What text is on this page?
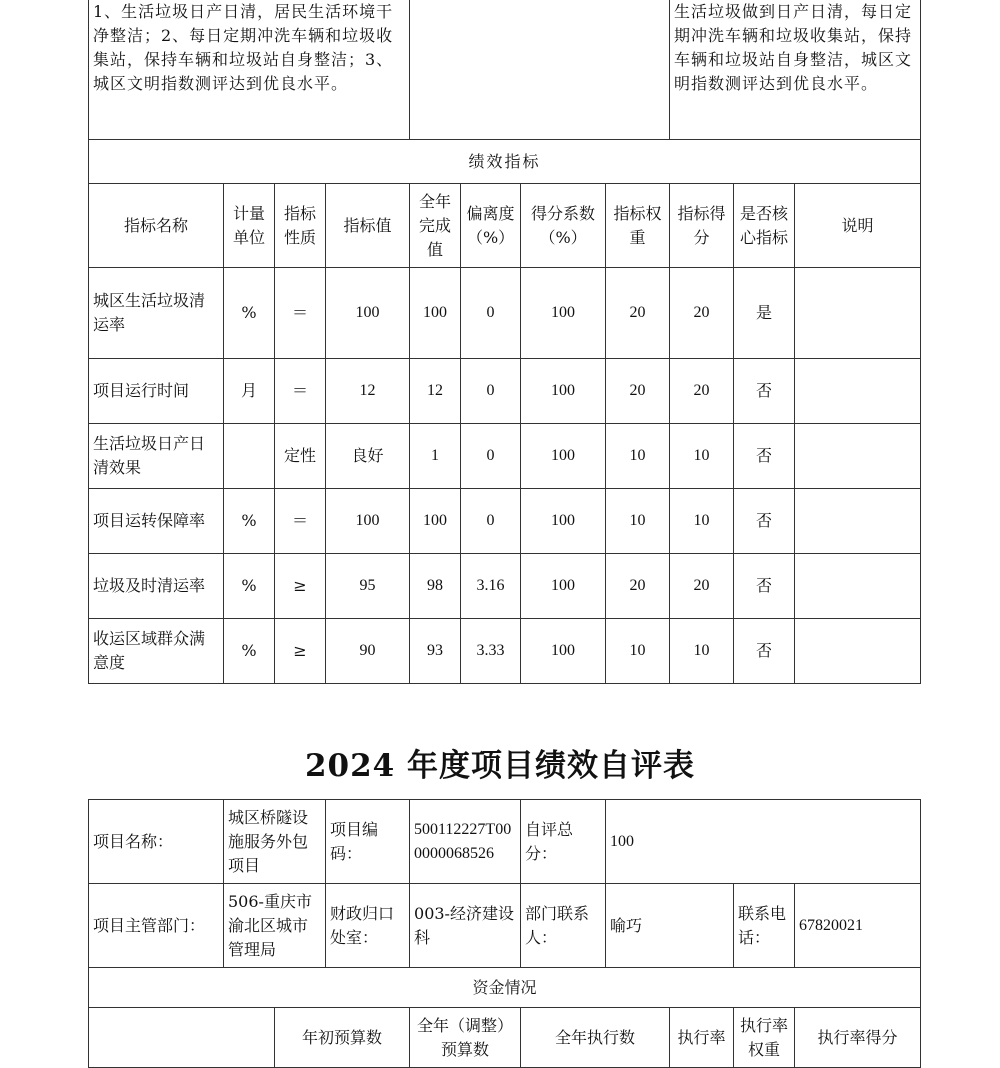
1、生活垃圾日产日清，居民生活环境干净整洁；2、每日定期冲洗车辆和垃圾收集站，保持车辆和垃圾站自身整洁；3、城区文明指数测评达到优良水平。								生活垃圾做到日产日清，每日定期冲洗车辆和垃圾收集站，保持车辆和垃圾站自身整洁，城区文明指数测评达到优良水平。		
绩效指标										
指标名称	计量单位	指标性质	指标值	全年完成值	偏离度（%）	得分系数（%）	指标权重	指标得分	是否核心指标	说明
城区生活垃圾清运率	%	＝	100	100	0	100	20	20	是	
项目运行时间	月	＝	12	12	0	100	20	20	否	
生活垃圾日产日清效果		定性	良好	1	0	100	10	10	否	
项目运转保障率	%	＝	100	100	0	100	10	10	否	
垃圾及时清运率	%	≥	95	98	3.16	100	20	20	否	
收运区域群众满意度	%	≥	90	93	3.33	100	10	10	否	
2024 年度项目绩效自评表
项目名称：	城区桥隧设施服务外包项目		项目编码：	500112227T000000068526	自评总分：	100			
项目主管部门：	506-重庆市渝北区城市管理局		财政归口处室：	003-经济建设科	部门联系人：	喻巧		联系电话：	67820021
资金情况									
		年初预算数		全年（调整）预算数	全年执行数		执行率	执行率权重	执行率得分
